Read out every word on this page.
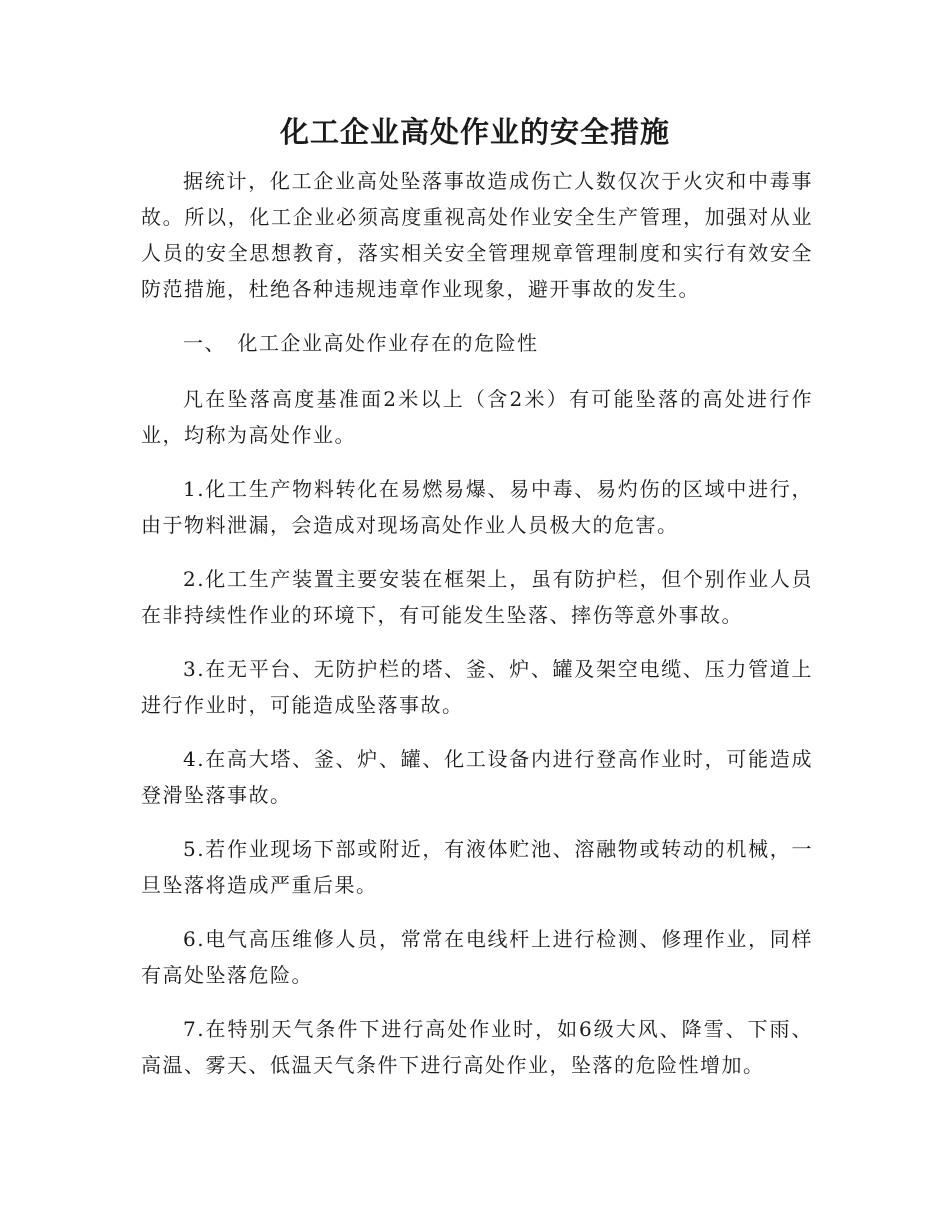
化工企业高处作业的安全措施

据统计，化工企业高处坠落事故造成伤亡人数仅次于火灾和中毒事故。所以，化工企业必须高度重视高处作业安全生产管理，加强对从业人员的安全思想教育，落实相关安全管理规章管理制度和实行有效安全防范措施，杜绝各种违规违章作业现象，避开事故的发生。

一、　化工企业高处作业存在的危险性

凡在坠落高度基准面2米以上（含2米）有可能坠落的高处进行作业，均称为高处作业。

1.化工生产物料转化在易燃易爆、易中毒、易灼伤的区域中进行，由于物料泄漏，会造成对现场高处作业人员极大的危害。

2.化工生产装置主要安装在框架上，虽有防护栏，但个别作业人员在非持续性作业的环境下，有可能发生坠落、摔伤等意外事故。

3.在无平台、无防护栏的塔、釜、炉、罐及架空电缆、压力管道上进行作业时，可能造成坠落事故。

4.在高大塔、釜、炉、罐、化工设备内进行登高作业时，可能造成登滑坠落事故。

5.若作业现场下部或附近，有液体贮池、溶融物或转动的机械，一旦坠落将造成严重后果。

6.电气高压维修人员，常常在电线杆上进行检测、修理作业，同样有高处坠落危险。

7.在特别天气条件下进行高处作业时，如6级大风、降雪、下雨、高温、雾天、低温天气条件下进行高处作业，坠落的危险性增加。
